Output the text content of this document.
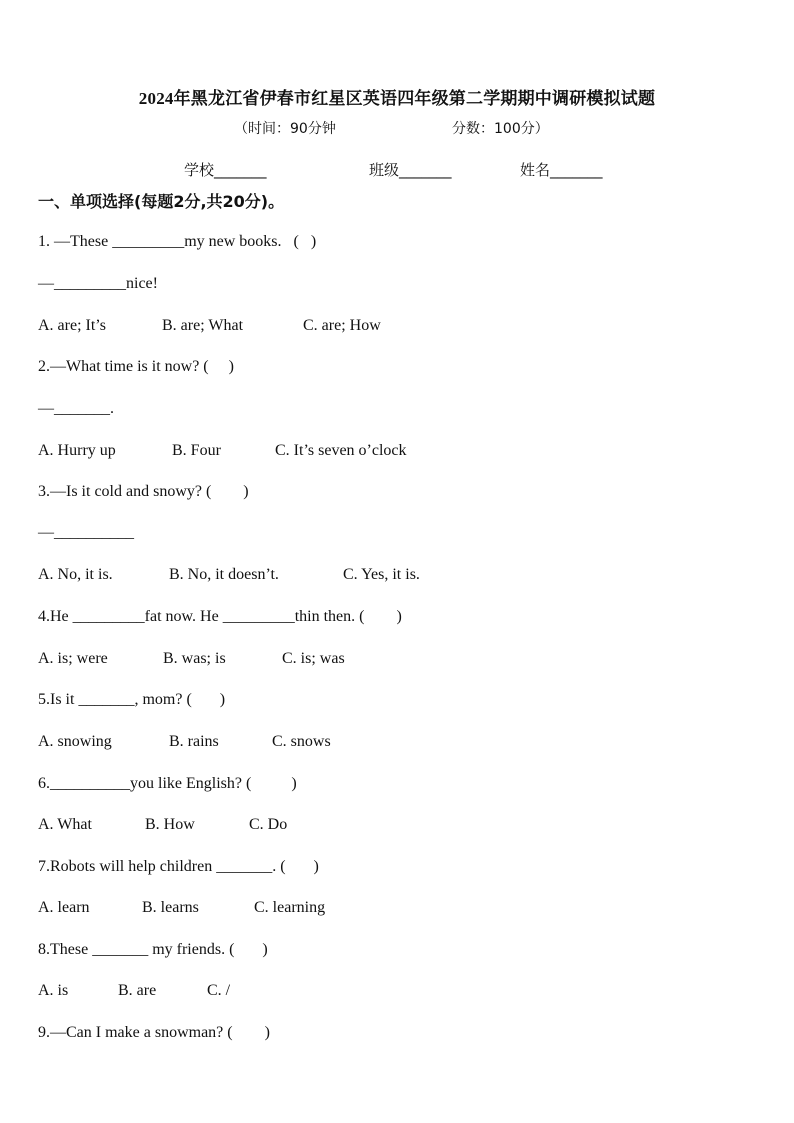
2024年黑龙江省伊春市红星区英语四年级第二学期期中调研模拟试题
（时间：90分钟	分数：100分）
学校_______	班级_______	姓名_______
一、单项选择(每题2分,共20分)。
1. —These _________my new books.   (   )
—_________nice!
A. are; It’s	B. are; What	C. are; How
2.—What time is it now? (     )
—_______.
A. Hurry up	B. Four	C. It’s seven o’clock
3.—Is it cold and snowy? (        )
—__________
A. No, it is.	B. No, it doesn’t.	C. Yes, it is.
4.He _________fat now. He _________thin then. (        )
A. is; were	B. was; is	C. is; was
5.Is it _______, mom? (       )
A. snowing	B. rains	C. snows
6.__________you like English? (          )
A. What	B. How	C. Do
7.Robots will help children _______. (       )
A. learn	B. learns	C. learning
8.These _______ my friends. (       )
A. is	B. are	C. /
9.—Can I make a snowman? (        )
